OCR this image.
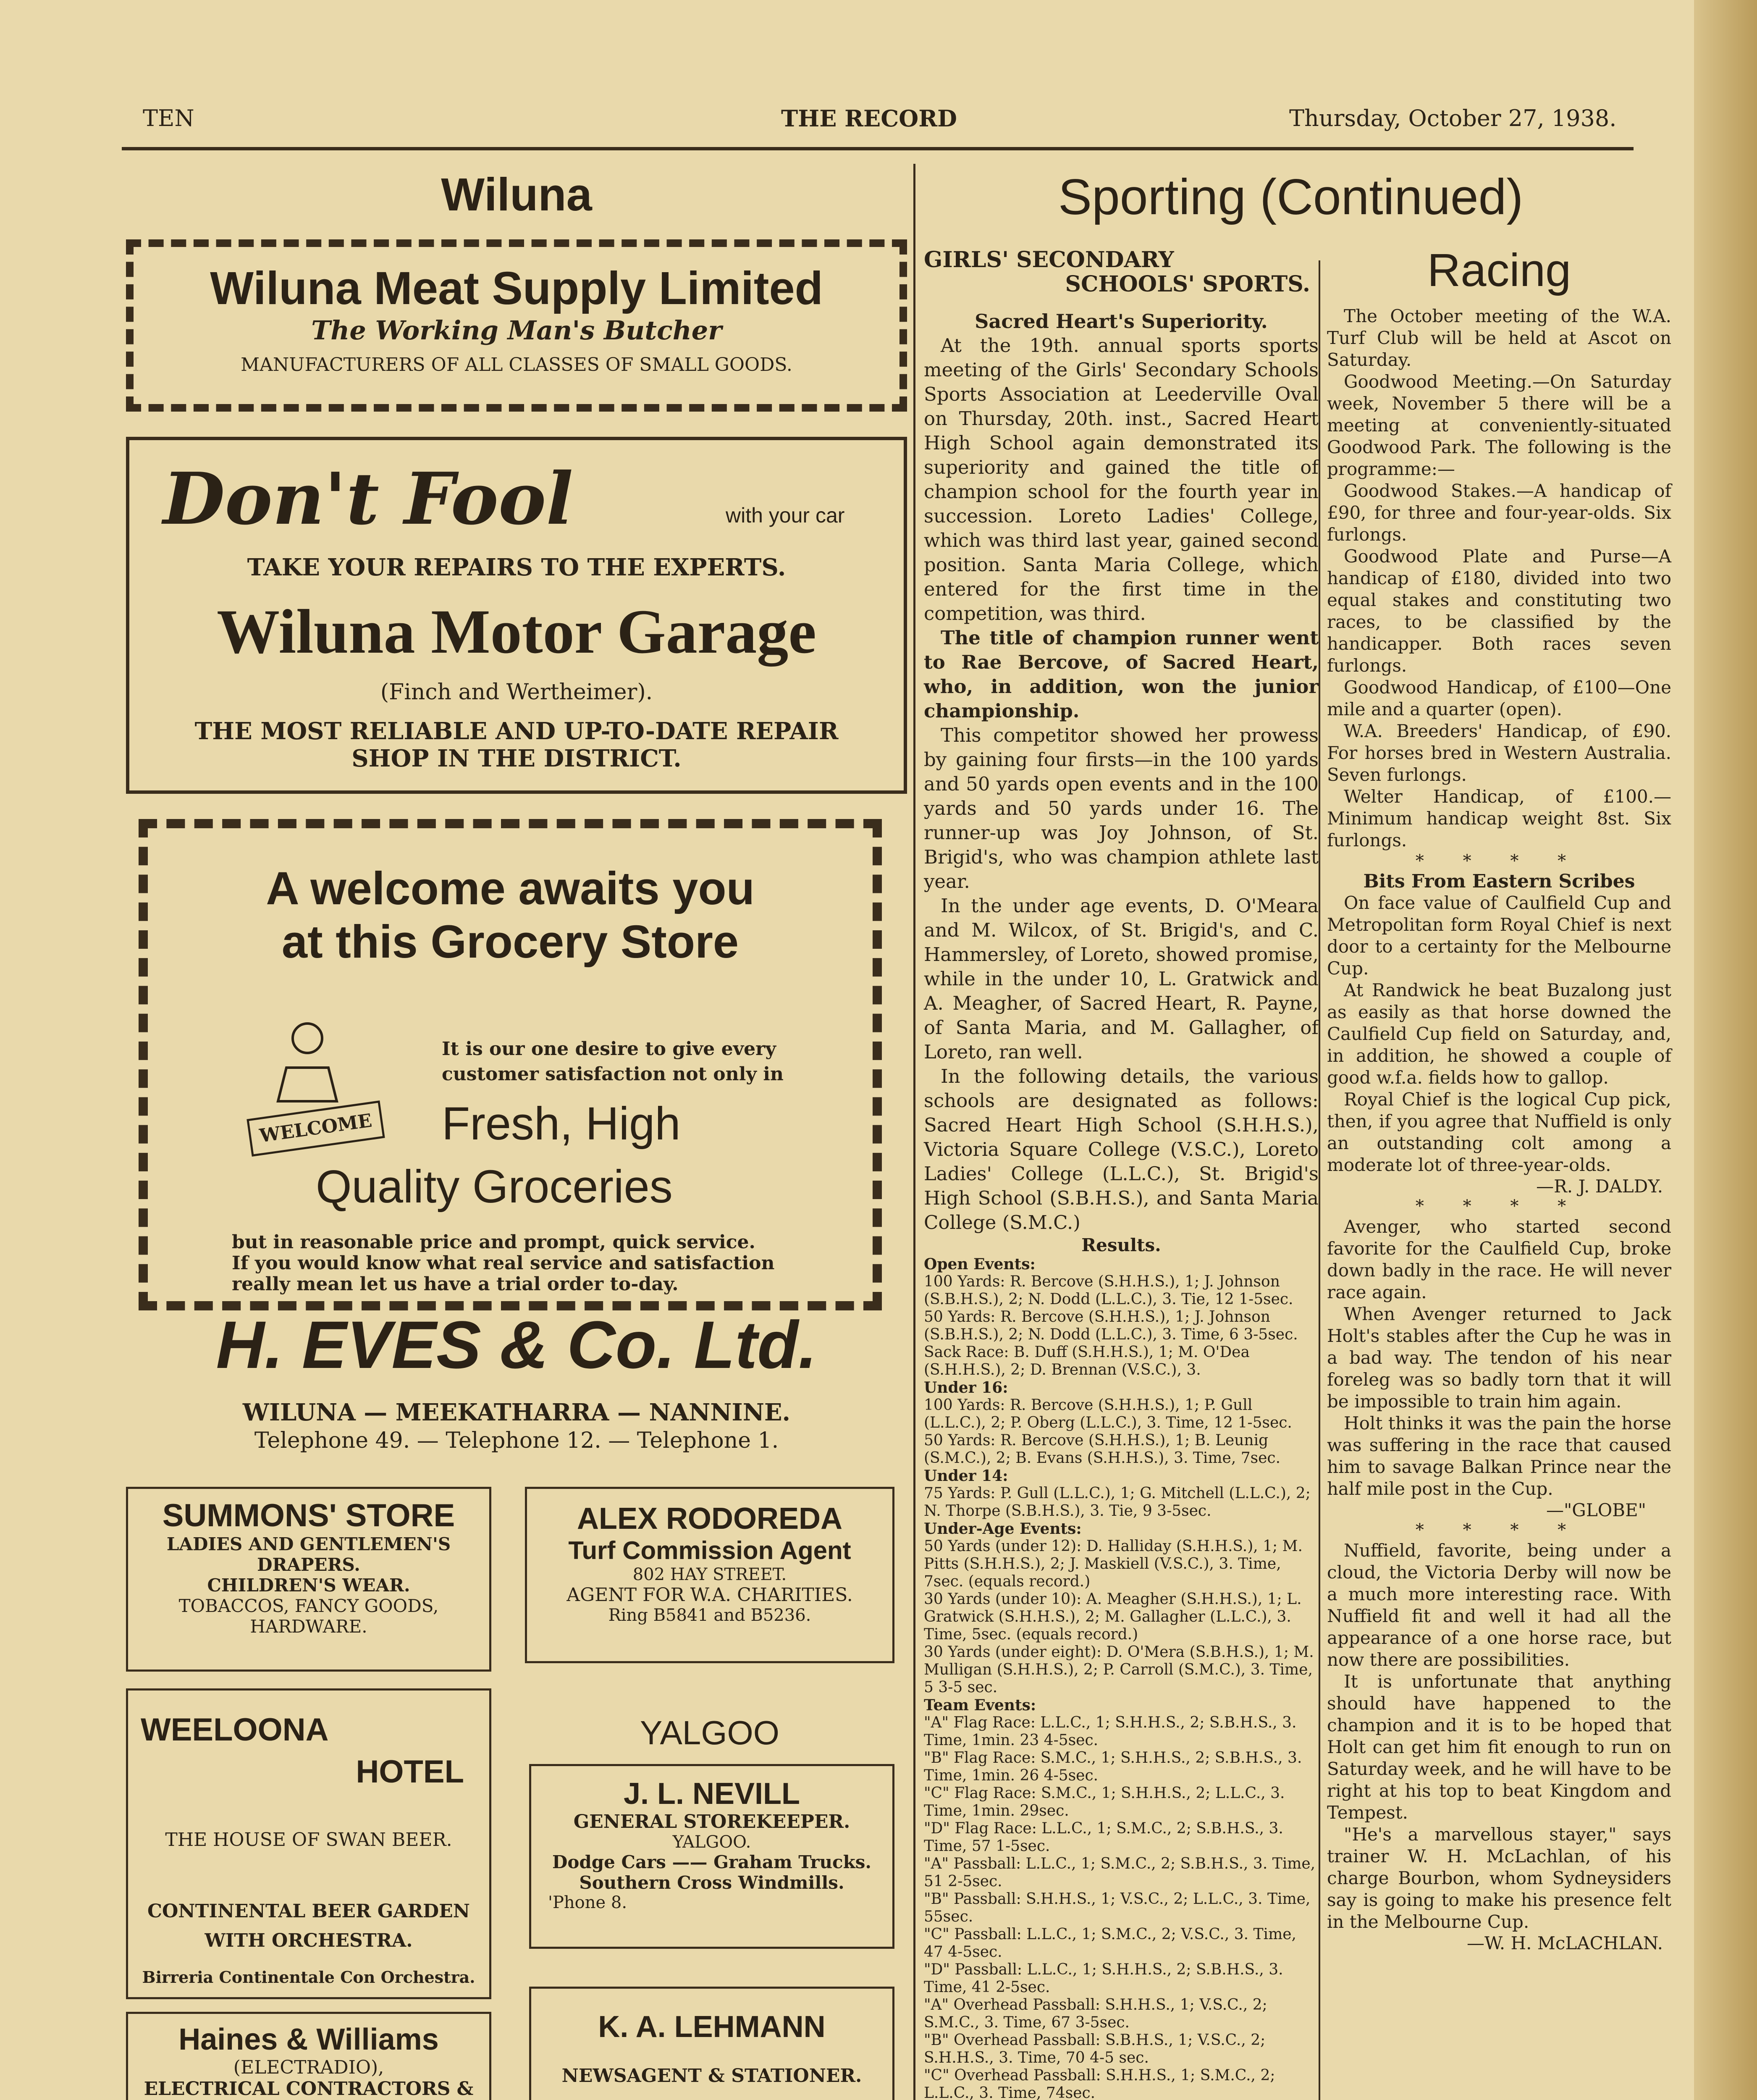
TEN	THE RECORD	Thursday, October 27, 1938.
Wiluna
Wiluna Meat Supply Limited
The Working Man's Butcher
MANUFACTURERS OF ALL CLASSES OF SMALL GOODS.
Don't Fool	with your car
TAKE YOUR REPAIRS TO THE EXPERTS.
Wiluna Motor Garage
(Finch and Wertheimer).
THE MOST RELIABLE AND UP-TO-DATE REPAIR
SHOP IN THE DISTRICT.
A welcome awaits you
at this Grocery Store
WELCOME
It is our one desire to give every
customer satisfaction not only in
Fresh, High
Quality Groceries
but in reasonable price and prompt, quick service.
If you would know what real service and satisfaction
really mean let us have a trial order to-day.
H. EVES & Co. Ltd.
WILUNA — MEEKATHARRA — NANNINE.
Telephone 49. — Telephone 12. — Telephone 1.
SUMMONS' STORE
LADIES AND GENTLEMEN'S
DRAPERS.
CHILDREN'S WEAR.
TOBACCOS, FANCY GOODS,
HARDWARE.
ALEX RODOREDA
Turf Commission Agent
802 HAY STREET.
AGENT FOR W.A. CHARITIES.
Ring B5841 and B5236.
WEELOONA
HOTEL
THE HOUSE OF SWAN BEER.
CONTINENTAL BEER GARDEN
WITH ORCHESTRA.
Birreria Continentale Con Orchestra.
YALGOO
J. L. NEVILL
GENERAL STOREKEEPER.
YALGOO.
Dodge Cars —— Graham Trucks.
Southern Cross Windmills.
'Phone 8.
Haines & Williams
(ELECTRADIO),
ELECTRICAL CONTRACTORS &
K. A. LEHMANN
NEWSAGENT & STATIONER.
Sporting (Continued)
GIRLS' SECONDARY
SCHOOLS' SPORTS.
Sacred Heart's Superiority.
At the 19th. annual sports sports meeting of the Girls' Secondary Schools Sports Association at Leederville Oval on Thursday, 20th. inst., Sacred Heart High School again demonstrated its superiority and gained the title of champion school for the fourth year in succession. Loreto Ladies' College, which was third last year, gained second position. Santa Maria College, which entered for the first time in the competition, was third.
The title of champion runner went to Rae Bercove, of Sacred Heart, who, in addition, won the junior championship.
This competitor showed her prowess by gaining four firsts—in the 100 yards and 50 yards open events and in the 100 yards and 50 yards under 16. The runner-up was Joy Johnson, of St. Brigid's, who was champion athlete last year.
In the under age events, D. O'Meara and M. Wilcox, of St. Brigid's, and C. Hammersley, of Loreto, showed promise, while in the under 10, L. Gratwick and A. Meagher, of Sacred Heart, R. Payne, of Santa Maria, and M. Gallagher, of Loreto, ran well.
In the following details, the various schools are designated as follows: Sacred Heart High School (S.H.H.S.), Victoria Square College (V.S.C.), Loreto Ladies' College (L.L.C.), St. Brigid's High School (S.B.H.S.), and Santa Maria College (S.M.C.)
Results.
Open Events:
100 Yards: R. Bercove (S.H.H.S.), 1; J. Johnson (S.B.H.S.), 2; N. Dodd (L.L.C.), 3. Tie, 12 1-5sec.
50 Yards: R. Bercove (S.H.H.S.), 1; J. Johnson (S.B.H.S.), 2; N. Dodd (L.L.C.), 3. Time, 6 3-5sec.
Sack Race: B. Duff (S.H.H.S.), 1; M. O'Dea (S.H.H.S.), 2; D. Brennan (V.S.C.), 3.
Under 16:
100 Yards: R. Bercove (S.H.H.S.), 1; P. Gull (L.L.C.), 2; P. Oberg (L.L.C.), 3. Time, 12 1-5sec.
50 Yards: R. Bercove (S.H.H.S.), 1; B. Leunig (S.M.C.), 2; B. Evans (S.H.H.S.), 3. Time, 7sec.
Under 14:
75 Yards: P. Gull (L.L.C.), 1; G. Mitchell (L.L.C.), 2; N. Thorpe (S.B.H.S.), 3. Tie, 9 3-5sec.
Under-Age Events:
50 Yards (under 12): D. Halliday (S.H.H.S.), 1; M. Pitts (S.H.H.S.), 2; J. Maskiell (V.S.C.), 3. Time, 7sec. (equals record.)
30 Yards (under 10): A. Meagher (S.H.H.S.), 1; L. Gratwick (S.H.H.S.), 2; M. Gallagher (L.L.C.), 3. Time, 5sec. (equals record.)
30 Yards (under eight): D. O'Mera (S.B.H.S.), 1; M. Mulligan (S.H.H.S.), 2; P. Carroll (S.M.C.), 3. Time, 5 3-5 sec.
Team Events:
"A" Flag Race: L.L.C., 1; S.H.H.S., 2; S.B.H.S., 3. Time, 1min. 23 4-5sec.
"B" Flag Race: S.M.C., 1; S.H.H.S., 2; S.B.H.S., 3. Time, 1min. 26 4-5sec.
"C" Flag Race: S.M.C., 1; S.H.H.S., 2; L.L.C., 3. Time, 1min. 29sec.
"D" Flag Race: L.L.C., 1; S.M.C., 2; S.B.H.S., 3. Time, 57 1-5sec.
"A" Passball: L.L.C., 1; S.M.C., 2; S.B.H.S., 3. Time, 51 2-5sec.
"B" Passball: S.H.H.S., 1; V.S.C., 2; L.L.C., 3. Time, 55sec.
"C" Passball: L.L.C., 1; S.M.C., 2; V.S.C., 3. Time, 47 4-5sec.
"D" Passball: L.L.C., 1; S.H.H.S., 2; S.B.H.S., 3. Time, 41 2-5sec.
"A" Overhead Passball: S.H.H.S., 1; V.S.C., 2; S.M.C., 3. Time, 67 3-5sec.
"B" Overhead Passball: S.B.H.S., 1; V.S.C., 2; S.H.H.S., 3. Time, 70 4-5 sec.
"C" Overhead Passball: S.H.H.S., 1; S.M.C., 2; L.L.C., 3. Time, 74sec.
Racing
The October meeting of the W.A. Turf Club will be held at Ascot on Saturday.
Goodwood Meeting.—On Saturday week, November 5 there will be a meeting at conveniently-situated Goodwood Park. The following is the programme:—
Goodwood Stakes.—A handicap of £90, for three and four-year-olds. Six furlongs.
Goodwood Plate and Purse—A handicap of £180, divided into two equal stakes and constituting two races, to be classified by the handicapper. Both races seven furlongs.
Goodwood Handicap, of £100—One mile and a quarter (open).
W.A. Breeders' Handicap, of £90. For horses bred in Western Australia. Seven furlongs.
Welter Handicap, of £100.—Minimum handicap weight 8st. Six furlongs.
* * * *
Bits From Eastern Scribes
On face value of Caulfield Cup and Metropolitan form Royal Chief is next door to a certainty for the Melbourne Cup.
At Randwick he beat Buzalong just as easily as that horse downed the Caulfield Cup field on Saturday, and, in addition, he showed a couple of good w.f.a. fields how to gallop.
Royal Chief is the logical Cup pick, then, if you agree that Nuffield is only an outstanding colt among a moderate lot of three-year-olds.
—R. J. DALDY.
* * * *
Avenger, who started second favorite for the Caulfield Cup, broke down badly in the race. He will never race again.
When Avenger returned to Jack Holt's stables after the Cup he was in a bad way. The tendon of his near foreleg was so badly torn that it will be impossible to train him again.
Holt thinks it was the pain the horse was suffering in the race that caused him to savage Balkan Prince near the half mile post in the Cup.
—"GLOBE"
* * * *
Nuffield, favorite, being under a cloud, the Victoria Derby will now be a much more interesting race. With Nuffield fit and well it had all the appearance of a one horse race, but now there are possibilities.
It is unfortunate that anything should have happened to the champion and it is to be hoped that Holt can get him fit enough to run on Saturday week, and he will have to be right at his top to beat Kingdom and Tempest.
"He's a marvellous stayer," says trainer W. H. McLachlan, of his charge Bourbon, whom Sydneysiders say is going to make his presence felt in the Melbourne Cup.
—W. H. McLACHLAN.
